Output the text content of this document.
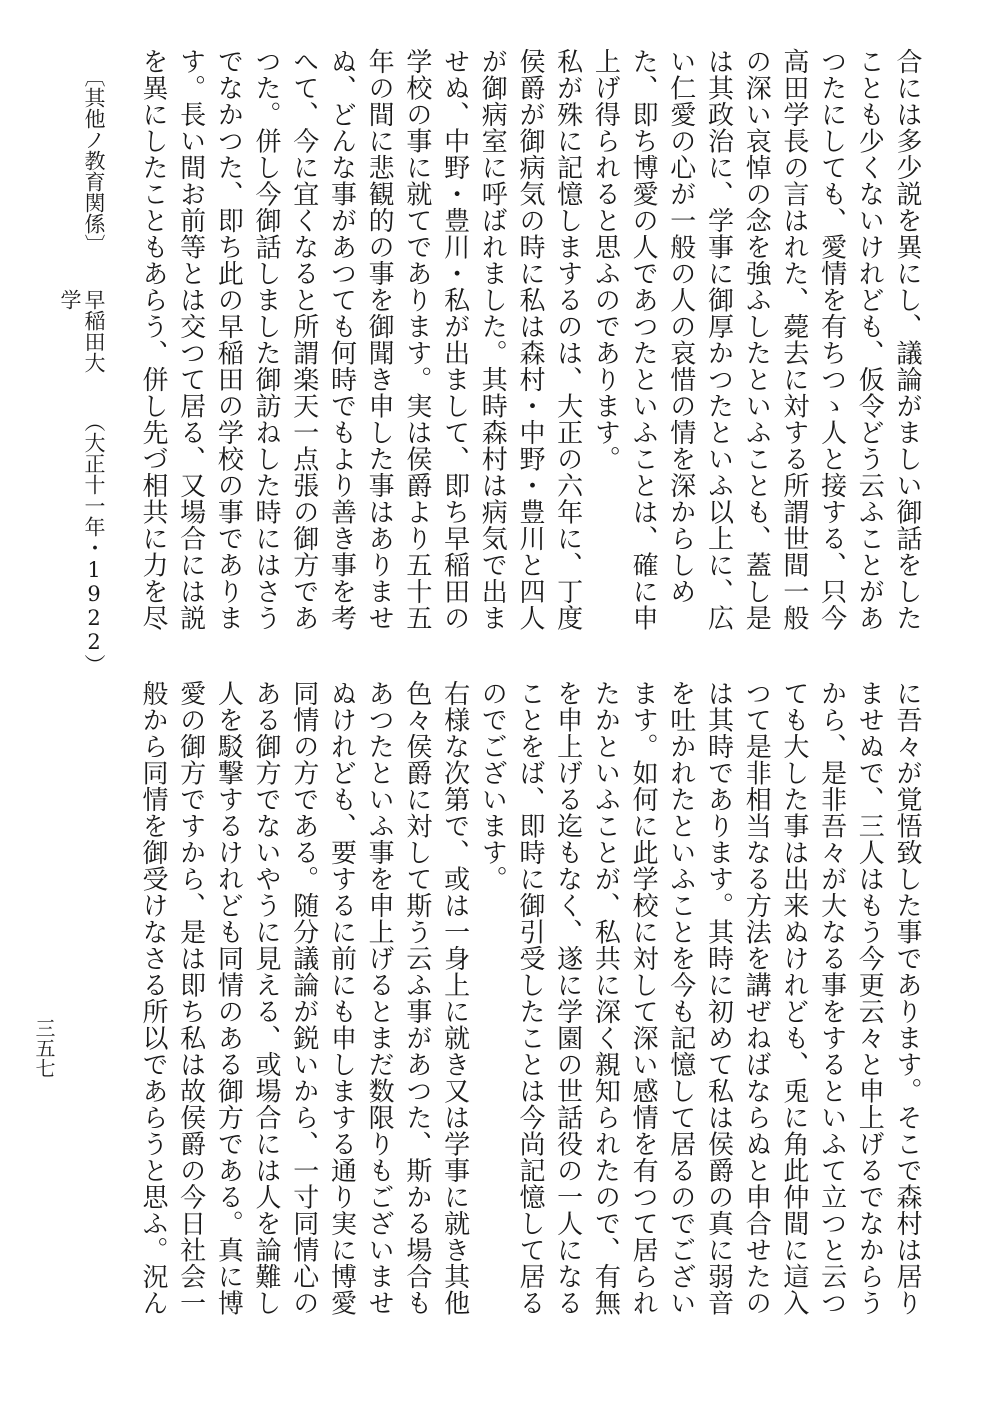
合には多少説を異にし、議論がましい御話をしたことも少くないけれども、仮令どう云ふことがあつたにしても、愛情を有ちつゝ人と接する、只今高田学長の言はれた、薨去に対する所謂世間一般の深い哀悼の念を強ふしたといふことも、蓋し是は其政治に、学事に御厚かつたといふ以上に、広い仁愛の心が一般の人の哀惜の情を深からしめた、即ち博愛の人であつたといふことは、確に申上げ得られると思ふのであります。

私が殊に記憶しまするのは、大正の六年に、丁度侯爵が御病気の時に私は森村・中野・豊川と四人が御病室に呼ばれました。其時森村は病気で出ませぬ、中野・豊川・私が出まして、即ち早稲田の学校の事に就てであります。実は侯爵より五十五年の間に悲観的の事を御聞き申した事はありませぬ、どんな事があつても何時でもより善き事を考へて、今に宜くなると所謂楽天一点張の御方であつた。併し今御話しました御訪ねした時にはさうでなかつた、即ち此の早稲田の学校の事であります。長い間お前等とは交つて居る、又場合には説を異にしたこともあらう、併し先づ相共に力を尽

〔其他ノ教育関係〕
早稲田大学
（大正十一年・1922）

に吾々が覚悟致した事であります。そこで森村は居りませぬで、三人はもう今更云々と申上げるでなからうから、是非吾々が大なる事をするといふて立つと云つても大した事は出来ぬけれども、兎に角此仲間に這入つて是非相当なる方法を講ぜねばならぬと申合せたのは其時であります。其時に初めて私は侯爵の真に弱音を吐かれたといふことを今も記憶して居るのでございます。如何に此学校に対して深い感情を有つて居られたかといふことが、私共に深く親知られたので、有無を申上げる迄もなく、遂に学園の世話役の一人になることをば、即時に御引受したことは今尚記憶して居るのでございます。

右様な次第で、或は一身上に就き又は学事に就き其他色々侯爵に対して斯う云ふ事があつた、斯かる場合もあつたといふ事を申上げるとまだ数限りもございませぬけれども、要するに前にも申しまする通り実に博愛同情の方である。随分議論が鋭いから、一寸同情心のある御方でないやうに見える、或場合には人を論難し人を駁撃するけれども同情のある御方である。真に博愛の御方ですから、是は即ち私は故侯爵の今日社会一般から同情を御受けなさる所以であらうと思ふ。況ん

三五七
